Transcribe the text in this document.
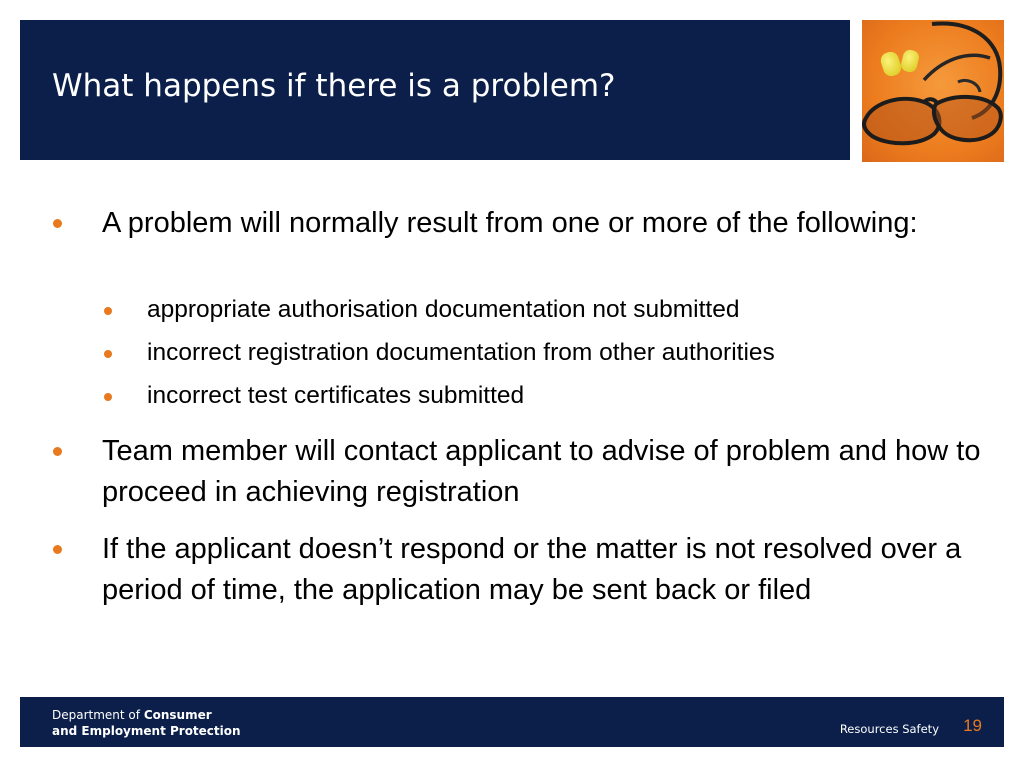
What happens if there is a problem?
A problem will normally result from one or more of the following:
appropriate authorisation documentation not submitted
incorrect registration documentation from other authorities
incorrect test certificates submitted
Team member will contact applicant to advise of problem and how to proceed in achieving registration
If the applicant doesn’t respond or the matter is not resolved over a period of time, the application may be sent back or filed
Department of Consumer
and Employment Protection	Resources Safety 19
